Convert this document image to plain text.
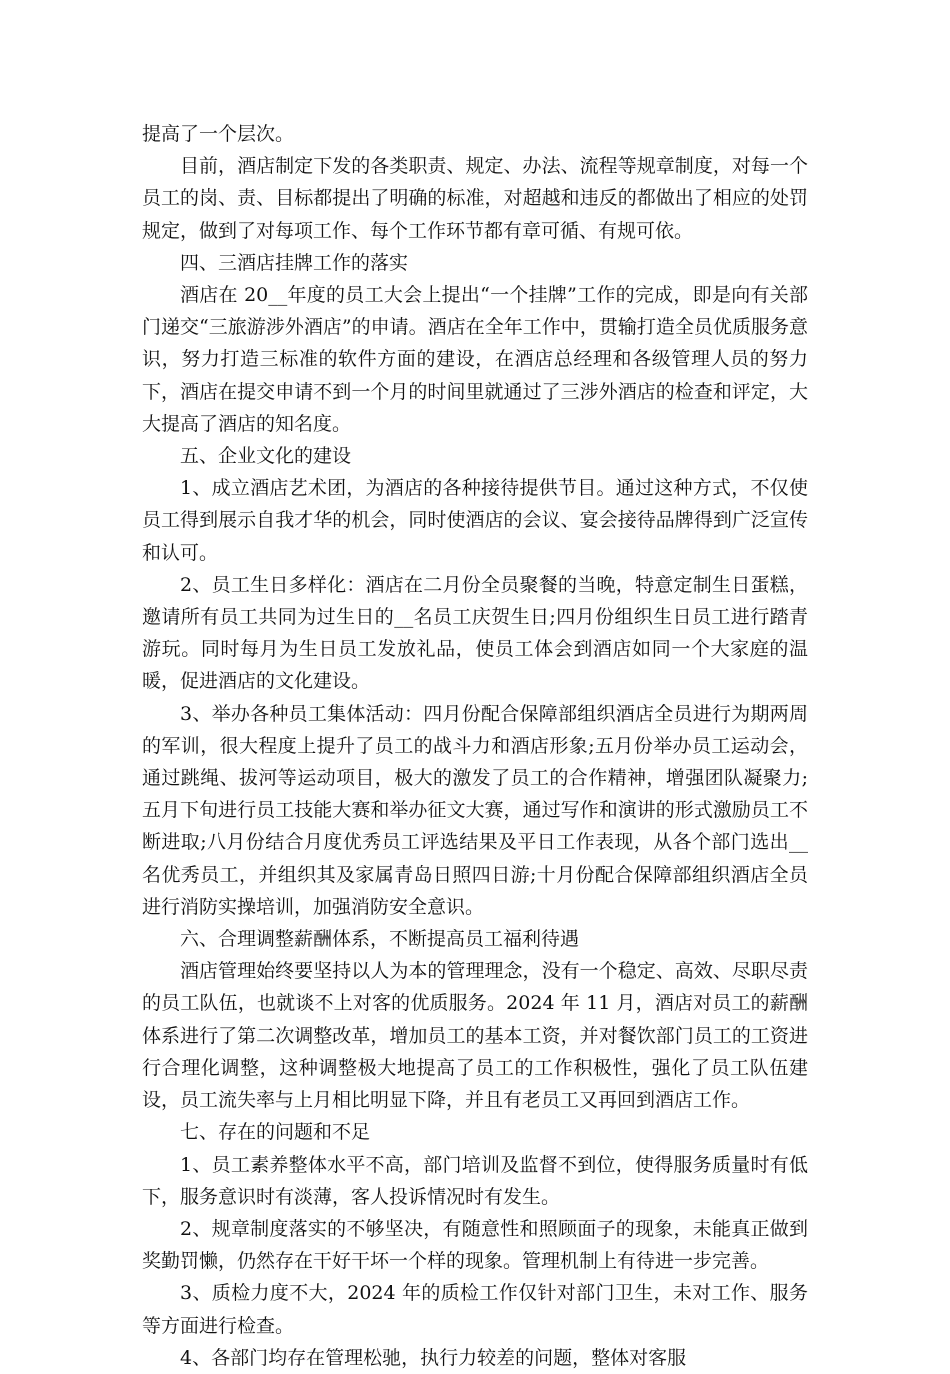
提高了一个层次。

目前，酒店制定下发的各类职责、规定、办法、流程等规章制度，对每一个员工的岗、责、目标都提出了明确的标准，对超越和违反的都做出了相应的处罚规定，做到了对每项工作、每个工作环节都有章可循、有规可依。

四、三酒店挂牌工作的落实

酒店在 20__年度的员工大会上提出“一个挂牌”工作的完成，即是向有关部门递交“三旅游涉外酒店”的申请。酒店在全年工作中，贯输打造全员优质服务意识，努力打造三标准的软件方面的建设，在酒店总经理和各级管理人员的努力下，酒店在提交申请不到一个月的时间里就通过了三涉外酒店的检查和评定，大大提高了酒店的知名度。

五、企业文化的建设

1、成立酒店艺术团，为酒店的各种接待提供节目。通过这种方式，不仅使员工得到展示自我才华的机会，同时使酒店的会议、宴会接待品牌得到广泛宣传和认可。

2、员工生日多样化：酒店在二月份全员聚餐的当晚，特意定制生日蛋糕，邀请所有员工共同为过生日的__名员工庆贺生日;四月份组织生日员工进行踏青游玩。同时每月为生日员工发放礼品，使员工体会到酒店如同一个大家庭的温暖，促进酒店的文化建设。

3、举办各种员工集体活动：四月份配合保障部组织酒店全员进行为期两周的军训，很大程度上提升了员工的战斗力和酒店形象;五月份举办员工运动会，通过跳绳、拔河等运动项目，极大的激发了员工的合作精神，增强团队凝聚力;五月下旬进行员工技能大赛和举办征文大赛，通过写作和演讲的形式激励员工不断进取;八月份结合月度优秀员工评选结果及平日工作表现，从各个部门选出__名优秀员工，并组织其及家属青岛日照四日游;十月份配合保障部组织酒店全员进行消防实操培训，加强消防安全意识。

六、合理调整薪酬体系，不断提高员工福利待遇

酒店管理始终要坚持以人为本的管理理念，没有一个稳定、高效、尽职尽责的员工队伍，也就谈不上对客的优质服务。2024 年 11 月，酒店对员工的薪酬体系进行了第二次调整改革，增加员工的基本工资，并对餐饮部门员工的工资进行合理化调整，这种调整极大地提高了员工的工作积极性，强化了员工队伍建设，员工流失率与上月相比明显下降，并且有老员工又再回到酒店工作。

七、存在的问题和不足

1、员工素养整体水平不高，部门培训及监督不到位，使得服务质量时有低下，服务意识时有淡薄，客人投诉情况时有发生。

2、规章制度落实的不够坚决，有随意性和照顾面子的现象，未能真正做到奖勤罚懒，仍然存在干好干坏一个样的现象。管理机制上有待进一步完善。

3、质检力度不大，2024 年的质检工作仅针对部门卫生，未对工作、服务等方面进行检查。

4、各部门均存在管理松驰，执行力较差的问题，整体对客服
